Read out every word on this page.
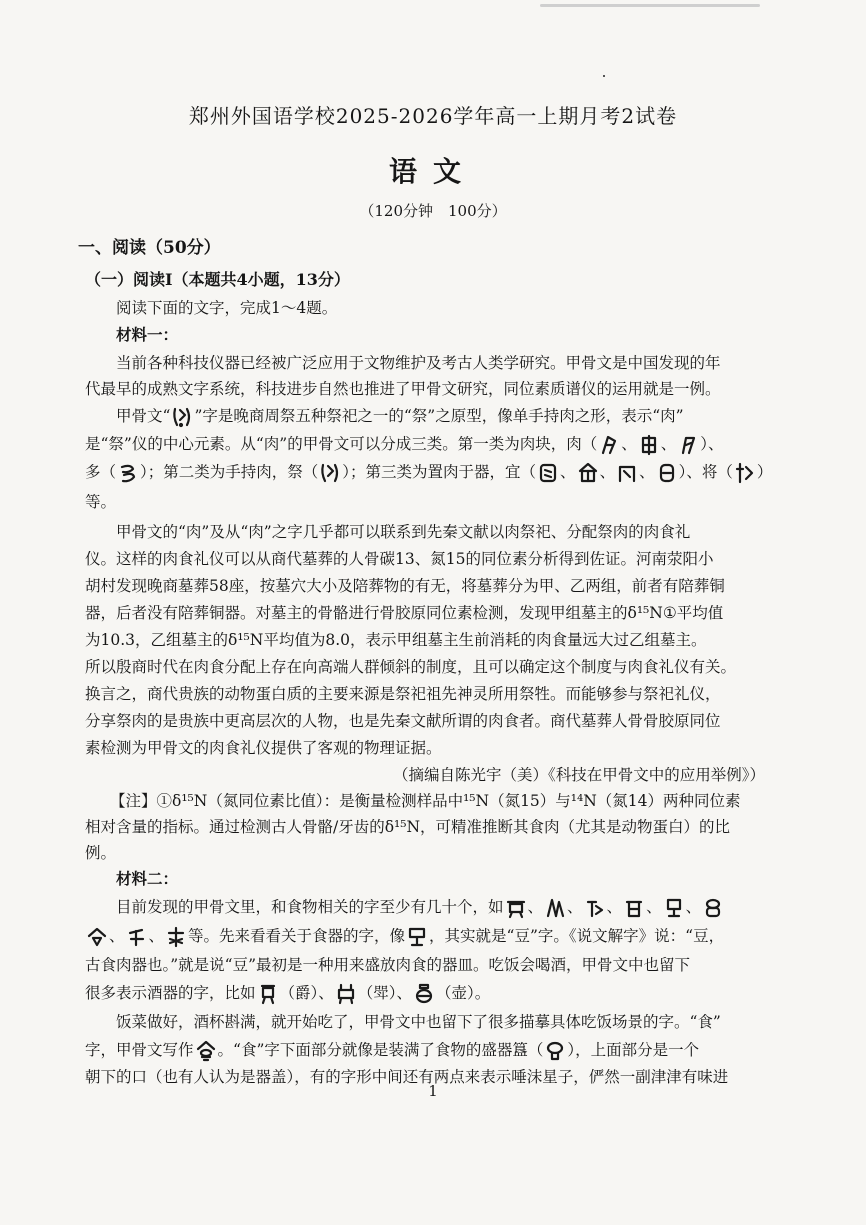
郑州外国语学校2025-2026学年高一上期月考2试卷
语文
（120分钟　100分）
一、阅读（50分）
（一）阅读Ⅰ（本题共4小题，13分）
阅读下面的文字，完成1～4题。
材料一：
当前各种科技仪器已经被广泛应用于文物维护及考古人类学研究。甲骨文是中国发现的年
代最早的成熟文字系统，科技进步自然也推进了甲骨文研究，同位素质谱仪的运用就是一例。
甲骨文“ ”字是晚商周祭五种祭祀之一的“祭”之原型，像单手持肉之形，表示“肉”
是“祭”仪的中心元素。从“肉”的甲骨文可以分成三类。第一类为肉块，肉（ 、 、 ）、
多（ ）；第二类为手持肉，祭（ ）；第三类为置肉于器，宜（ 、 、 、 ）、将（ ）
等。
甲骨文的“肉”及从“肉”之字几乎都可以联系到先秦文献以肉祭祀、分配祭肉的肉食礼
仪。这样的肉食礼仪可以从商代墓葬的人骨碳13、氮15的同位素分析得到佐证。河南荥阳小
胡村发现晚商墓葬58座，按墓穴大小及陪葬物的有无，将墓葬分为甲、乙两组，前者有陪葬铜
器，后者没有陪葬铜器。对墓主的骨骼进行骨胶原同位素检测，发现甲组墓主的δ¹⁵N①平均值
为10.3，乙组墓主的δ¹⁵N平均值为8.0，表示甲组墓主生前消耗的肉食量远大过乙组墓主。
所以殷商时代在肉食分配上存在向高端人群倾斜的制度，且可以确定这个制度与肉食礼仪有关。
换言之，商代贵族的动物蛋白质的主要来源是祭祀祖先神灵所用祭牲。而能够参与祭祀礼仪，
分享祭肉的是贵族中更高层次的人物，也是先秦文献所谓的肉食者。商代墓葬人骨骨胶原同位
素检测为甲骨文的肉食礼仪提供了客观的物理证据。
（摘编自陈光宇（美）《科技在甲骨文中的应用举例》）
【注】①δ¹⁵N（氮同位素比值）：是衡量检测样品中¹⁵N（氮15）与¹⁴N（氮14）两种同位素
相对含量的指标。通过检测古人骨骼/牙齿的δ¹⁵N，可精准推断其食肉（尤其是动物蛋白）的比
例。
材料二：
目前发现的甲骨文里，和食物相关的字至少有几十个，如 、 、 、 、 、
、 、 等。先来看看关于食器的字，像 ，其实就是“豆”字。《说文解字》说：“豆，
古食肉器也。”就是说“豆”最初是一种用来盛放肉食的器皿。吃饭会喝酒，甲骨文中也留下
很多表示酒器的字，比如 （爵）、 （斝）、 （壶）。
饭菜做好，酒杯斟满，就开始吃了，甲骨文中也留下了很多描摹具体吃饭场景的字。“食”
字，甲骨文写作 。“食”字下面部分就像是装满了食物的盛器簋（ ），上面部分是一个
朝下的口（也有人认为是器盖），有的字形中间还有两点来表示唾沫星子，俨然一副津津有味进
1
